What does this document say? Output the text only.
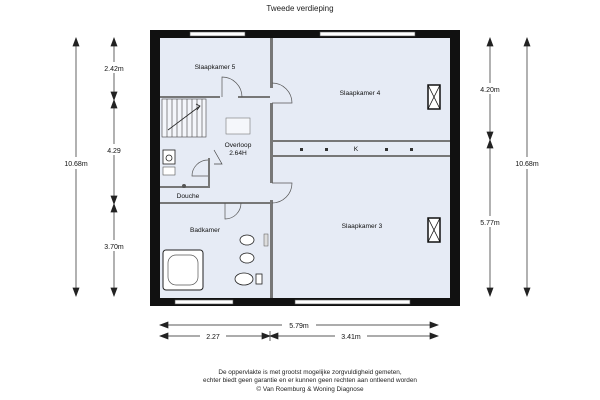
Tweede verdieping
Slaapkamer 5
Slaapkamer 4
Slaapkamer 3
Overloop
2.64H
Douche
Badkamer
K
10.68m
2.42m
4.29
3.70m
4.20m
5.77m
10.68m
5.79m
2.27	3.41m
De oppervlakte is met grootst mogelijke zorgvuldigheid gemeten,
echter biedt geen garantie en er kunnen geen rechten aan ontleend worden
© Van Roemburg & Woning Diagnose
